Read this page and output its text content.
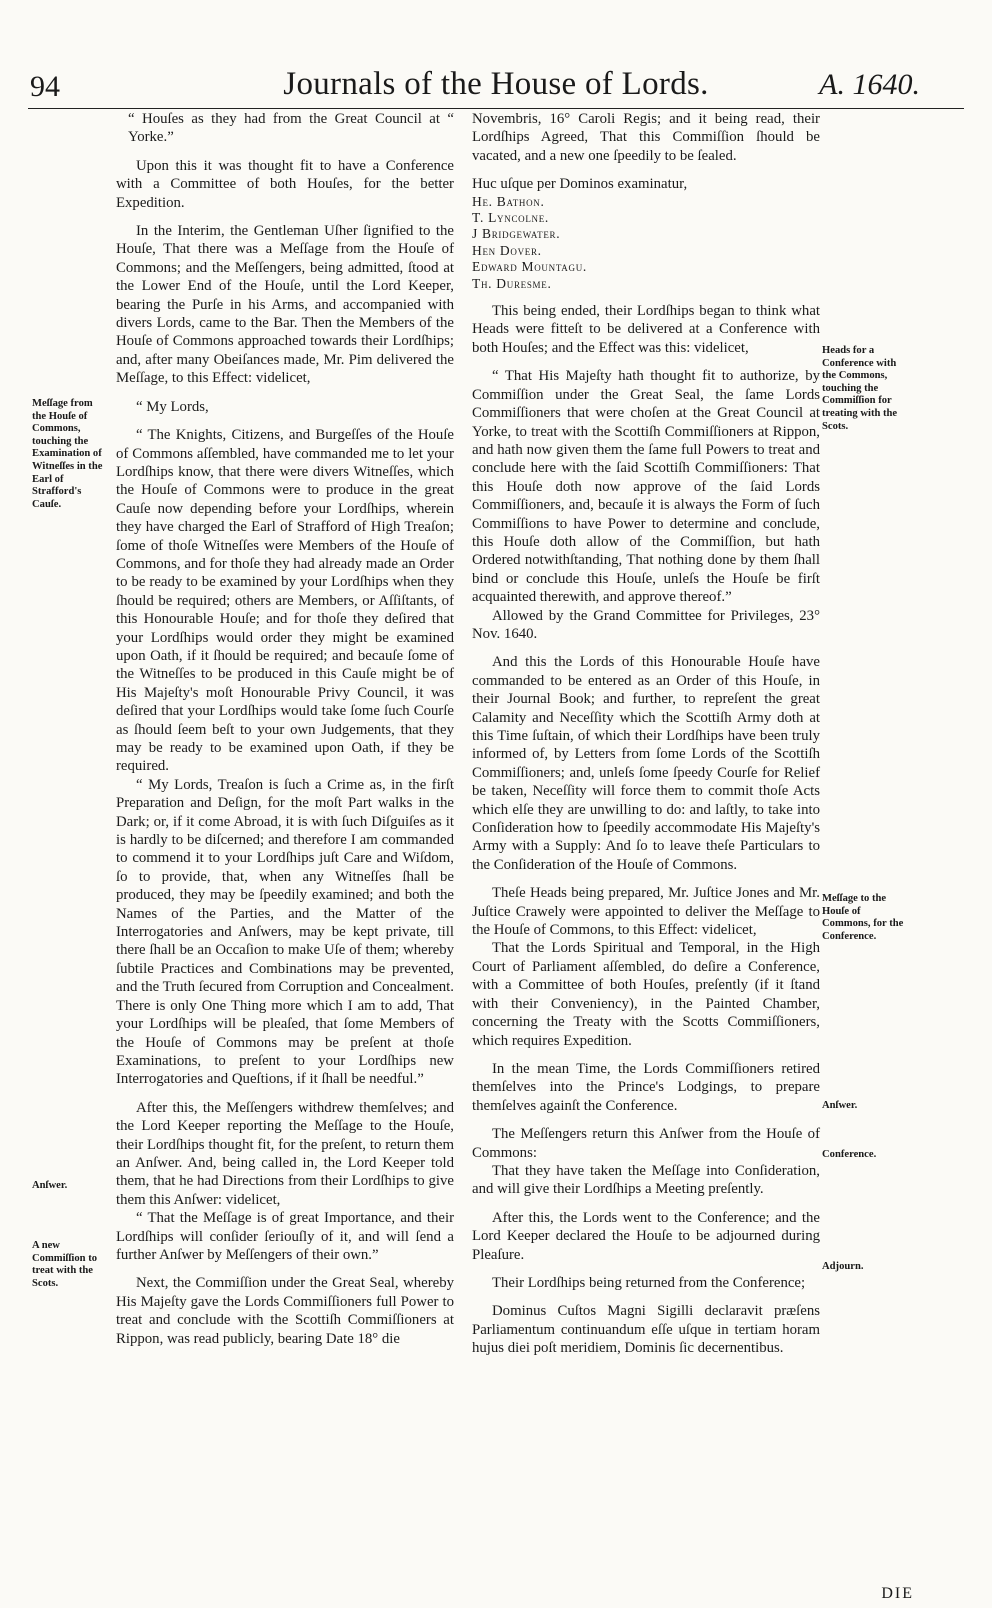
94	Journals of the House of Lords.	A. 1640.
Meſſage from the Houſe of Commons, touching the Examination of Witneſſes in the Earl of Strafford's Cauſe.
Anſwer.
A new Commiſſion to treat with the Scots.
Heads for a Conference with the Commons, touching the Commiſſion for treating with the Scots.
Meſſage to the Houſe of Commons, for the Conference.
Anſwer.
Conference.
Adjourn.

“ Houſes as they had from the Great Council at “ Yorke.”

Upon this it was thought fit to have a Conference with a Committee of both Houſes, for the better Expedition.

In the Interim, the Gentleman Uſher ſignified to the Houſe, That there was a Meſſage from the Houſe of Commons; and the Meſſengers, being admitted, ſtood at the Lower End of the Houſe, until the Lord Keeper, bearing the Purſe in his Arms, and accompanied with divers Lords, came to the Bar. Then the Members of the Houſe of Commons approached towards their Lordſhips; and, after many Obeiſances made, Mr. Pim delivered the Meſſage, to this Effect: videlicet,

“ My Lords,

“ The Knights, Citizens, and Burgeſſes of the Houſe of Commons aſſembled, have commanded me to let your Lordſhips know, that there were divers Witneſſes, which the Houſe of Commons were to produce in the great Cauſe now depending before your Lordſhips, wherein they have charged the Earl of Strafford of High Treaſon; ſome of thoſe Witneſſes were Members of the Houſe of Commons, and for thoſe they had already made an Order to be ready to be examined by your Lordſhips when they ſhould be required; others are Members, or Aſſiſtants, of this Honourable Houſe; and for thoſe they deſired that your Lordſhips would order they might be examined upon Oath, if it ſhould be required; and becauſe ſome of the Witneſſes to be produced in this Cauſe might be of His Majeſty's moſt Honourable Privy Council, it was deſired that your Lordſhips would take ſome ſuch Courſe as ſhould ſeem beſt to your own Judgements, that they may be ready to be examined upon Oath, if they be required.

“ My Lords, Treaſon is ſuch a Crime as, in the firſt Preparation and Deſign, for the moſt Part walks in the Dark; or, if it come Abroad, it is with ſuch Diſguiſes as it is hardly to be diſcerned; and therefore I am commanded to commend it to your Lordſhips juſt Care and Wiſdom, ſo to provide, that, when any Witneſſes ſhall be produced, they may be ſpeedily examined; and both the Names of the Parties, and the Matter of the Interrogatories and Anſwers, may be kept private, till there ſhall be an Occaſion to make Uſe of them; whereby ſubtile Practices and Combinations may be prevented, and the Truth ſecured from Corruption and Concealment. There is only One Thing more which I am to add, That your Lordſhips will be pleaſed, that ſome Members of the Houſe of Commons may be preſent at thoſe Examinations, to preſent to your Lordſhips new Interrogatories and Queſtions, if it ſhall be needful.”

After this, the Meſſengers withdrew themſelves; and the Lord Keeper reporting the Meſſage to the Houſe, their Lordſhips thought fit, for the preſent, to return them an Anſwer. And, being called in, the Lord Keeper told them, that he had Directions from their Lordſhips to give them this Anſwer: videlicet,

“ That the Meſſage is of great Importance, and their Lordſhips will conſider ſeriouſly of it, and will ſend a further Anſwer by Meſſengers of their own.”

Next, the Commiſſion under the Great Seal, whereby His Majeſty gave the Lords Commiſſioners full Power to treat and conclude with the Scottiſh Commiſſioners at Rippon, was read publicly, bearing Date 18° die

Novembris, 16° Caroli Regis; and it being read, their Lordſhips Agreed, That this Commiſſion ſhould be vacated, and a new one ſpeedily to be ſealed.

Huc uſque per Dominos examinatur,

He. Bathon.
T. Lyncolne.
J Bridgewater.
Hen Dover.
Edward Mountagu.
Th. Duresme.

This being ended, their Lordſhips began to think what Heads were fitteſt to be delivered at a Conference with both Houſes; and the Effect was this: videlicet,

“ That His Majeſty hath thought fit to authorize, by Commiſſion under the Great Seal, the ſame Lords Commiſſioners that were choſen at the Great Council at Yorke, to treat with the Scottiſh Commiſſioners at Rippon, and hath now given them the ſame full Powers to treat and conclude here with the ſaid Scottiſh Commiſſioners: That this Houſe doth now approve of the ſaid Lords Commiſſioners, and, becauſe it is always the Form of ſuch Commiſſions to have Power to determine and conclude, this Houſe doth allow of the Commiſſion, but hath Ordered notwithſtanding, That nothing done by them ſhall bind or conclude this Houſe, unleſs the Houſe be firſt acquainted therewith, and approve thereof.”

Allowed by the Grand Committee for Privileges, 23° Nov. 1640.

And this the Lords of this Honourable Houſe have commanded to be entered as an Order of this Houſe, in their Journal Book; and further, to repreſent the great Calamity and Neceſſity which the Scottiſh Army doth at this Time ſuſtain, of which their Lordſhips have been truly informed of, by Letters from ſome Lords of the Scottiſh Commiſſioners; and, unleſs ſome ſpeedy Courſe for Relief be taken, Neceſſity will force them to commit thoſe Acts which elſe they are unwilling to do: and laſtly, to take into Conſideration how to ſpeedily accommodate His Majeſty's Army with a Supply: And ſo to leave theſe Particulars to the Conſideration of the Houſe of Commons.

Theſe Heads being prepared, Mr. Juſtice Jones and Mr. Juſtice Crawely were appointed to deliver the Meſſage to the Houſe of Commons, to this Effect: videlicet,

That the Lords Spiritual and Temporal, in the High Court of Parliament aſſembled, do deſire a Conference, with a Committee of both Houſes, preſently (if it ſtand with their Conveniency), in the Painted Chamber, concerning the Treaty with the Scotts Commiſſioners, which requires Expedition.

In the mean Time, the Lords Commiſſioners retired themſelves into the Prince's Lodgings, to prepare themſelves againſt the Conference.

The Meſſengers return this Anſwer from the Houſe of Commons:

That they have taken the Meſſage into Conſideration, and will give their Lordſhips a Meeting preſently.

After this, the Lords went to the Conference; and the Lord Keeper declared the Houſe to be adjourned during Pleaſure.

Their Lordſhips being returned from the Conference;

Dominus Cuſtos Magni Sigilli declaravit præſens Parliamentum continuandum eſſe uſque in tertiam horam hujus diei poſt meridiem, Dominis ſic decernentibus.

DIE
